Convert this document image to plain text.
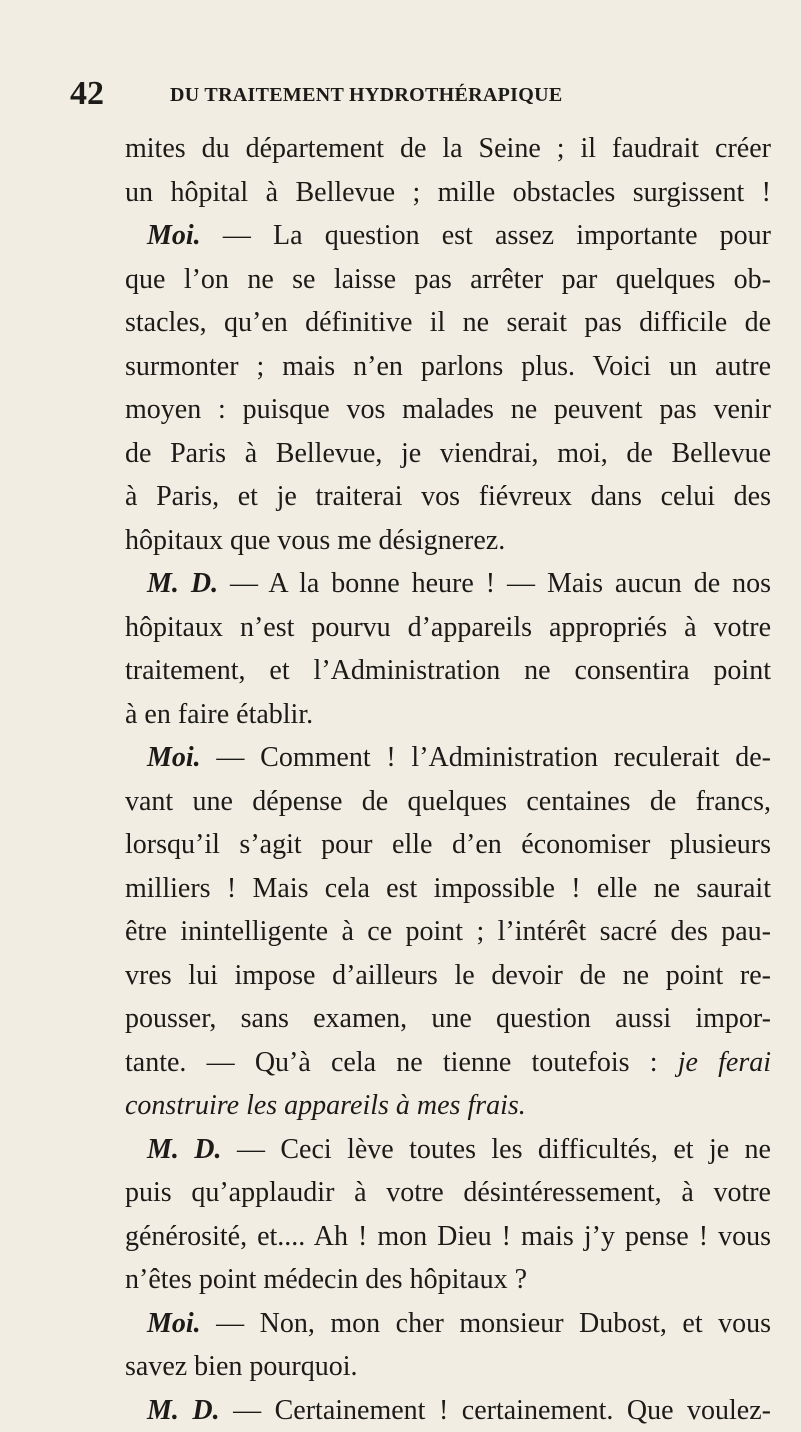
42	DU TRAITEMENT HYDROTHÉRAPIQUE
mites du département de la Seine ; il faudrait créer
un hôpital à Bellevue ; mille obstacles surgissent !
Moi. — La question est assez importante pour
que l’on ne se laisse pas arrêter par quelques ob-
stacles, qu’en définitive il ne serait pas difficile de
surmonter ; mais n’en parlons plus. Voici un autre
moyen : puisque vos malades ne peuvent pas venir
de Paris à Bellevue, je viendrai, moi, de Bellevue
à Paris, et je traiterai vos fiévreux dans celui des
hôpitaux que vous me désignerez.
M. D. — A la bonne heure ! — Mais aucun de nos
hôpitaux n’est pourvu d’appareils appropriés à votre
traitement, et l’Administration ne consentira point
à en faire établir.
Moi. — Comment ! l’Administration reculerait de-
vant une dépense de quelques centaines de francs,
lorsqu’il s’agit pour elle d’en économiser plusieurs
milliers ! Mais cela est impossible ! elle ne saurait
être inintelligente à ce point ; l’intérêt sacré des pau-
vres lui impose d’ailleurs le devoir de ne point re-
pousser, sans examen, une question aussi impor-
tante. — Qu’à cela ne tienne toutefois : je ferai
construire les appareils à mes frais.
M. D. — Ceci lève toutes les difficultés, et je ne
puis qu’applaudir à votre désintéressement, à votre
générosité, et.... Ah ! mon Dieu ! mais j’y pense ! vous
n’êtes point médecin des hôpitaux ?
Moi. — Non, mon cher monsieur Dubost, et vous
savez bien pourquoi.
M. D. — Certainement ! certainement. Que voulez-
